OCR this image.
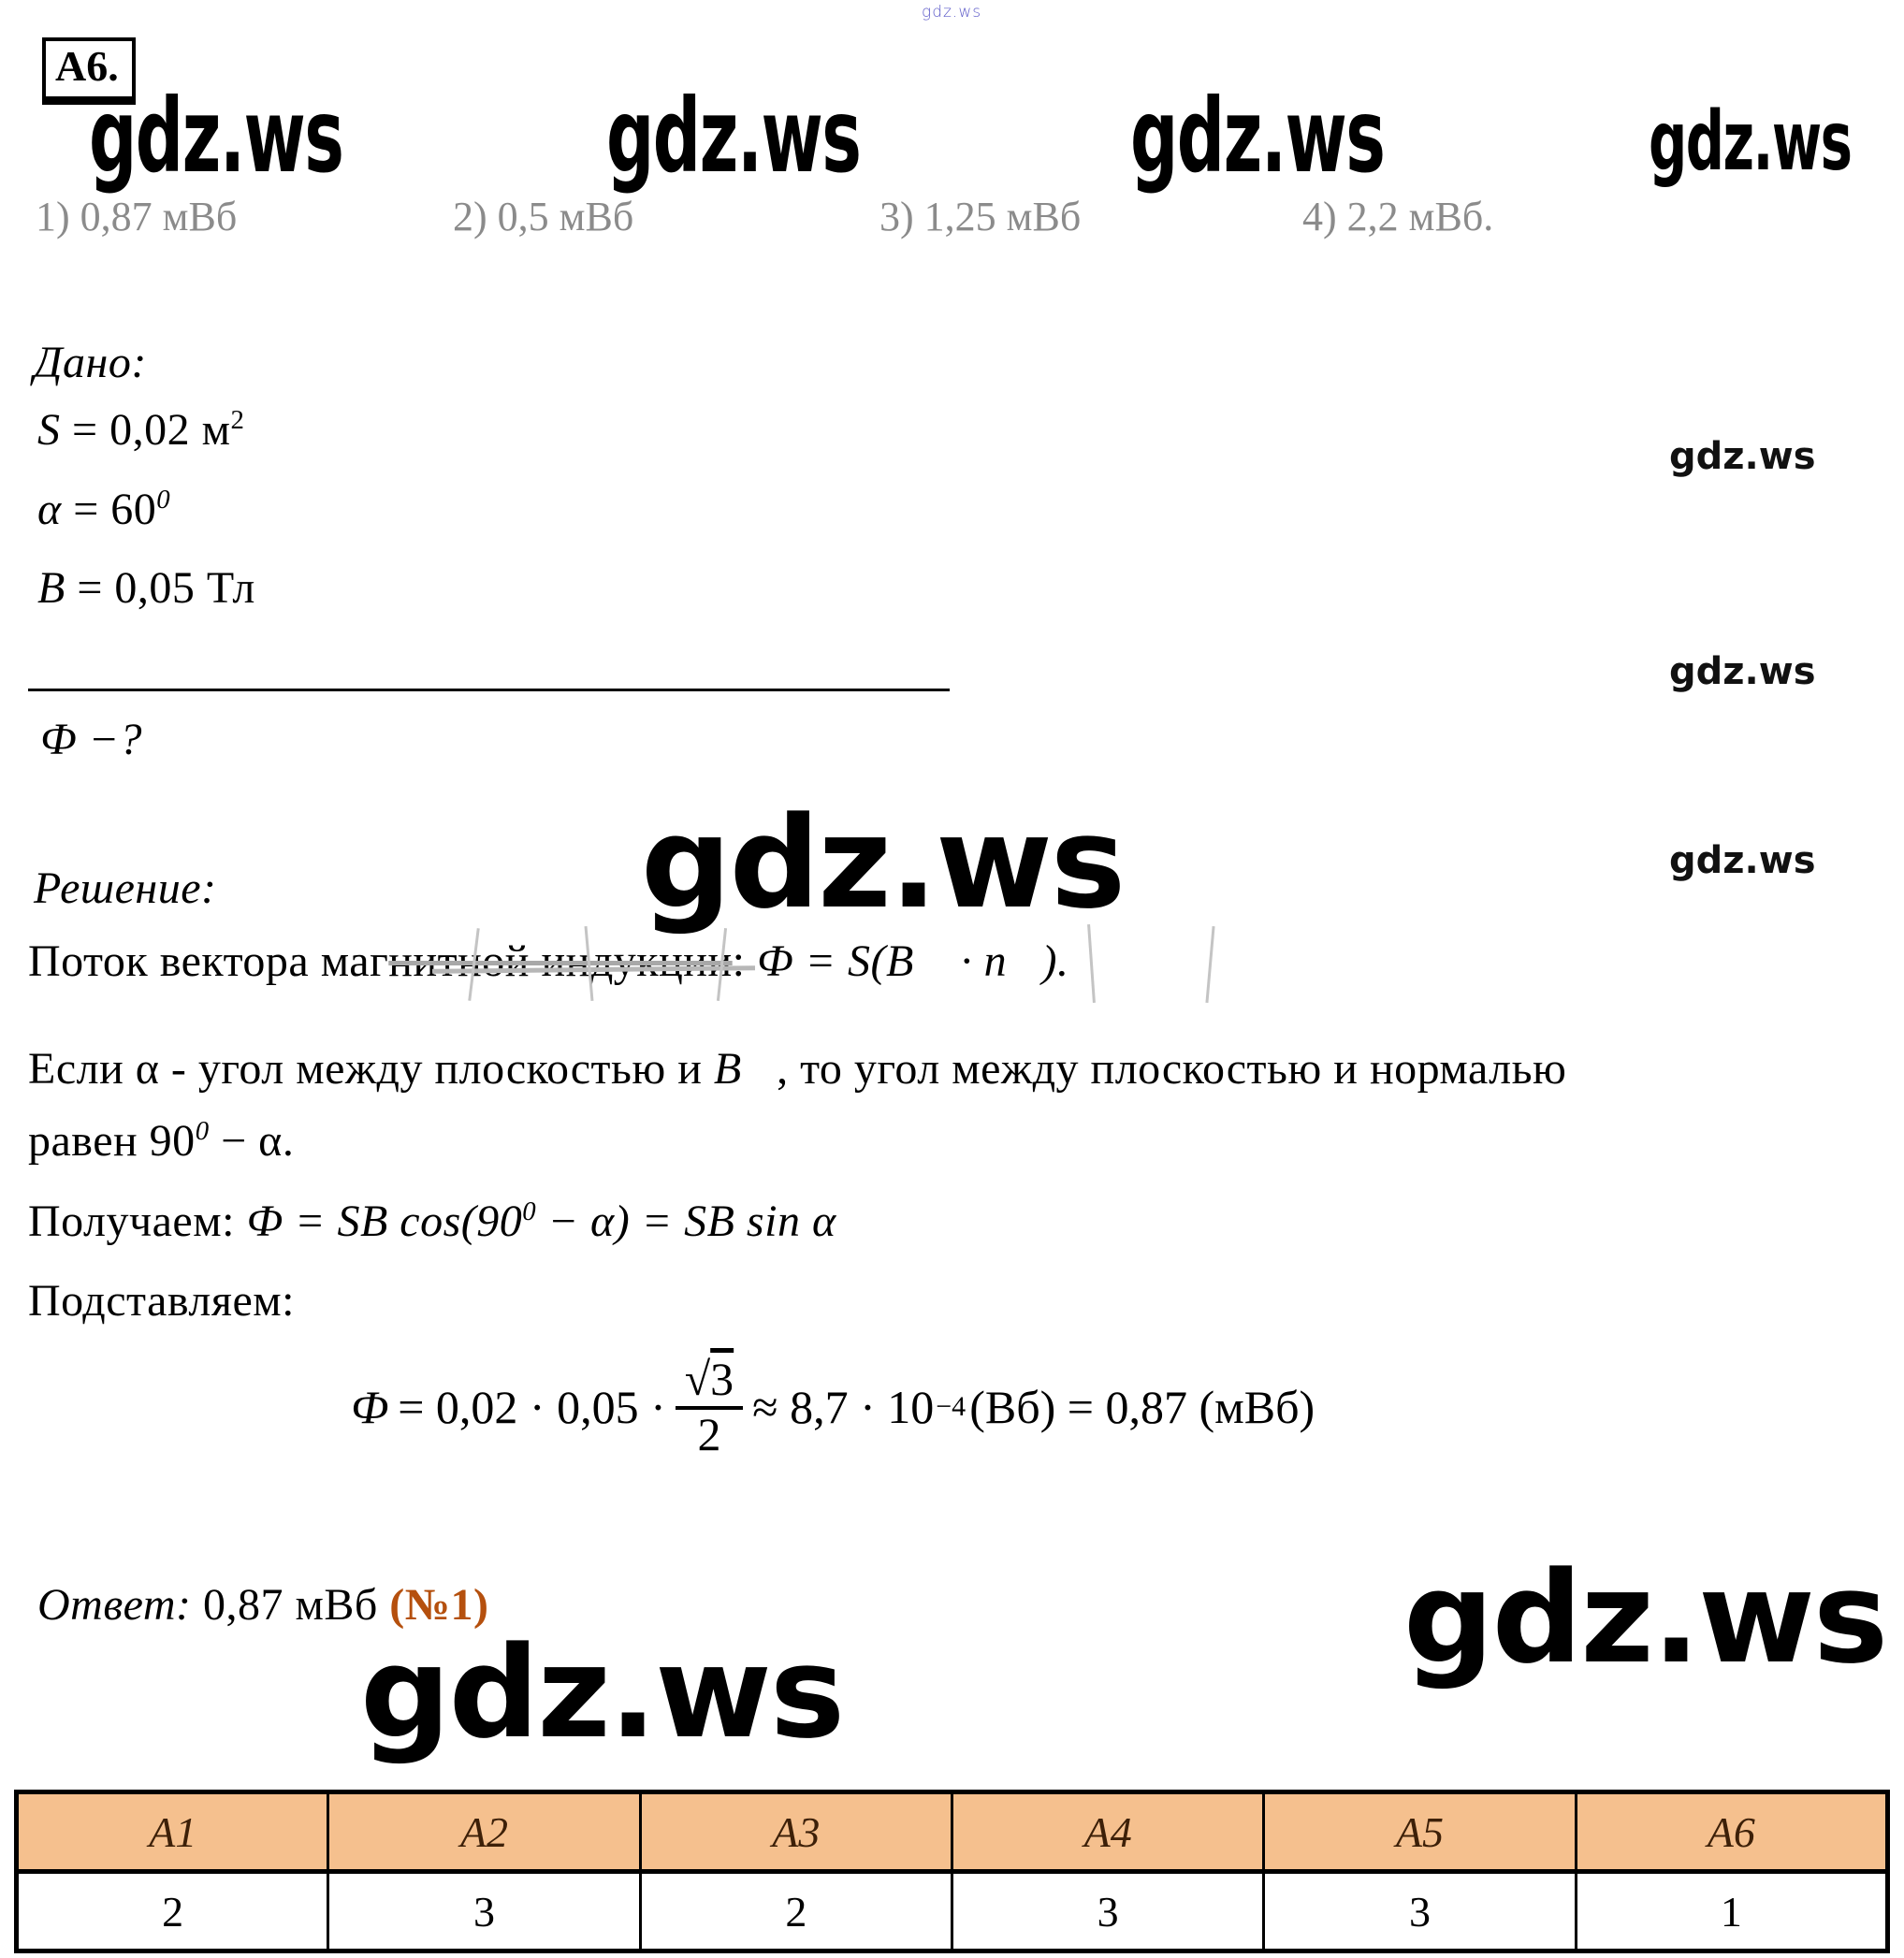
gdz.ws
А6.
gdz.ws	gdz.ws	gdz.ws	gdz.ws
1) 0,87 мВб	2) 0,5 мВб	3) 1,25 мВб	4) 2,2 мВб.
Дано:
S = 0,02 $м^2$
$\alpha = 60^0$
B = 0,05 Тл
Ф −?
gdz.ws
gdz.ws
gdz.ws
gdz.ws
Решение:
Поток вектора магнитной индукции: Ф = S(B⃗ · n⃗).
Если α - угол между плоскостью и B⃗, то угол между плоскостью и нормалью
равен $90^0 - \alpha$.
Получаем: Ф = SB $\cos(90^0 - \alpha)$ = SB sin α
Подставляем:
$Ф = 0,02 \cdot 0,05 \cdot \frac{√3}{2} \approx 8,7 \cdot 10 -4$ (Вб) = 0,87 (мВб)
Ответ: 0,87 мВб (№1)
gdz.ws
gdz.ws
А1	А2	А3	А4	А5	А6
2	3	2	3	3	1
